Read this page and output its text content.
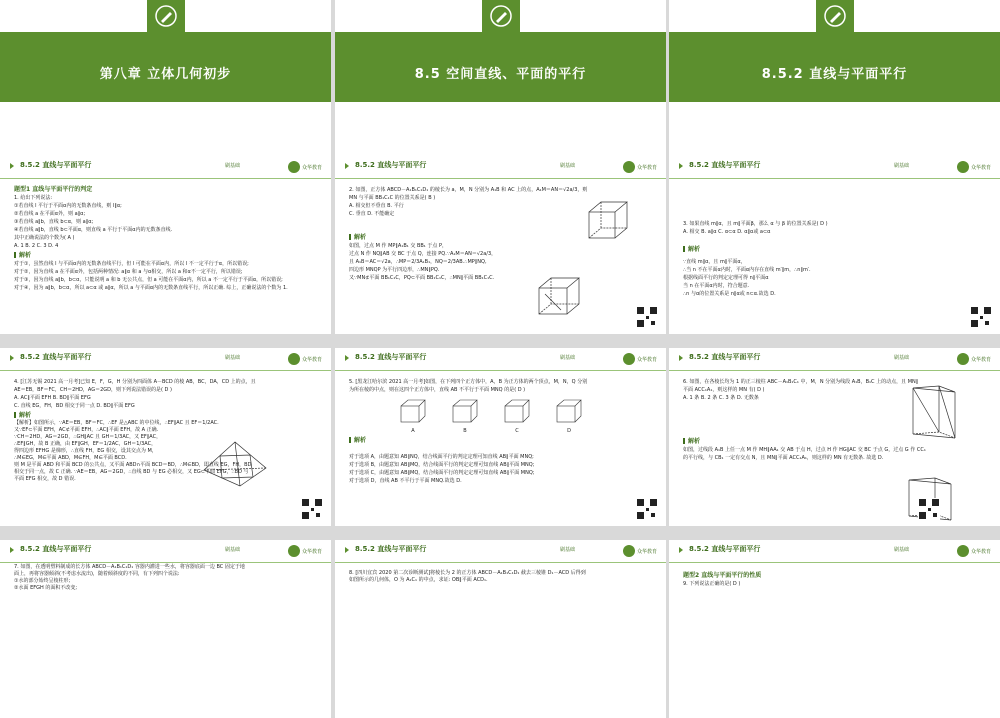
第八章 立体几何初步	8.5 空间直线、平面的平行	8.5.2 直线与平面平行
8.5.2 直线与平面平行	刷基础	众华教育
题型1 直线与平面平行的判定
1. 给出下列说法:
①若直线 l 平行于平面α内的无数条直线，则 l∥α;
②若直线 a 在平面α外，则 a∥α;
③若直线 a∥b，直线 b⊂α，则 a∥α;
④若直线 a∥b，直线 b⊂平面α，则直线 a 平行于平面α内的无数条直线.
其中正确说法的个数为( A )
A. 1 B. 2 C. 3 D. 4
解析
对于①，虽然直线 l 与平面α内的无数条直线平行，但 l 可能在平面α内，所以 l 不一定平行于α，所以错误;
对于②，因为直线 a 在平面α外，包括两种情况: a∥α 和 a 与α相交，所以 a 和α不一定平行，所以错误;
对于③，因为直线 a∥b，b⊂α，只能说明 a 和 b 无公共点，但 a 可能在平面α内，所以 a 不一定平行于平面α，所以错误;
对于④，因为 a∥b，b⊂α，所以 a⊂α 或 a∥α，所以 a 与平面α内的无数条直线平行，所以正确. 综上，正确说法的个数为 1.
8.5.2 直线与平面平行	刷基础	众华教育
2. 如图，正方体 ABCD－A₁B₁C₁D₁ 的棱长为 a，M，N 分别为 A₁B 和 AC 上的点，A₁M＝AN＝√2a/3，则
MN 与平面 BB₁C₁C 的位置关系是( B )
A. 相交但不垂直 B. 平行
C. 垂直 D. 不能确定
解析
如图，过点 M 作 MP∥A₁B₁ 交 BB₁ 于点 P，
过点 N 作 NQ∥AB 交 BC 于点 Q，连接 PQ.∵A₁M＝AN＝√2a/3，
且 A₁B＝AC＝√2a，∴MP＝2/3A₁B₁，NQ＝2/3AB.∴MP∥NQ,
四边形 MNQP 为平行四边形，∴MN∥PQ.
又∵MN⊄平面 BB₁C₁C，PQ⊂平面 BB₁C₁C，∴MN∥平面 BB₁C₁C.
8.5.2 直线与平面平行	刷基础	众华教育
3. 如果直线 m∥α，且 m∥平面β，那么 α 与 β 的位置关系是( D )
A. 相交 B. a∥α C. α⊂α D. α∥α或 a⊂α
解析
∵直线 m∥α，且 m∥平面α，
∴当 n 不在平面α内时，平面α内存在直线 m′∥m，∴n∥m′.
根据线面平行的判定定理可得 n∥平面α
当 n 在平面α内时，符合题意.
∴n 与α的位置关系是 n∥α或 n⊂α.故选 D.
8.5.2 直线与平面平行	刷基础	众华教育
4. [江苏无锡 2021 高一月考]已知 E，F，G，H 分别为四面体 A－BCD 的棱 AB，BC，DA，CD 上的点，且
AE＝EB，BF＝FC，CH＝2HD，AG＝2GD，则下列说法错误的是( D )
A. AC∥平面 EFH B. BD∥平面 EFG
C. 直线 EG，FH，BD 相交于同一点 D. BD∥平面 EFG
解析
【解析】如图所示，∵AE＝EB，BF＝FC，∴EF 是△ABC 的中位线，∴EF∥AC 且 EF＝1/2AC.
又∵EF⊂平面 EFH，AC⊄平面 EFH，∴AC∥平面 EFH，故 A 正确.
∵CH＝2HD，AG＝2GD，∴GH∥AC 且 GH＝1/3AC，又 EF∥AC，
∴EF∥GH，故 B 正确，由 EF∥GH，EF＝1/2AC，GH＝1/3AC，
得四边形 EFHG 是梯形，∴直线 FH，EG 相交，设其交点为 M，
∴M∈EG，M∈平面 ABD，M∈FH，M∈平面 BCD.
则 M 是平面 ABD 和平面 BCD 的公共点，又平面 ABD∩平面 BCD＝BD，∴M∈BD，即直线 EG，FH，BD
相交于同一点，故 C 正确. ∵AE＝EB，AG＝2GD，∴直线 BD 与 EG 必相交，又 EG⊂平面 EFG，∴BD 与
平面 EFG 相交，故 D 错误.
8.5.2 直线与平面平行	刷基础	众华教育
5. [黑龙江哈尔滨 2021 高一月考]如图，在下列四个正方体中，A，B 为正方体的两个顶点，M，N，Q 分别
为所在棱的中点，则在这四个正方体中，直线 AB 不平行于平面 MNQ 的是( D )
A	B	C	D
解析
对于选项 A，由题意知 AB∥NQ，结合线面平行的判定定理可知直线 AB∥平面 MNQ;
对于选项 B，由题意知 AB∥MQ，结合线面平行的判定定理可知直线 AB∥平面 MNQ;
对于选项 C，由题意知 AB∥MQ，结合线面平行的判定定理可知直线 AB∥平面 MNQ;
对于选项 D，直线 AB 不平行于平面 MNQ.故选 D.
8.5.2 直线与平面平行	刷基础	众华教育
6. 如图，在各棱长均为 1 的正三棱柱 ABC－A₁B₁C₁ 中，M，N 分别为线段 A₁B，B₁C 上的动点，且 MN∥
平面 ACC₁A₁，则这样的 MN 有( D )
A. 1 条 B. 2 条 C. 3 条 D. 无数条
解析
如图，过线段 A₁B 上任一点 M 作 MH∥AA₁ 交 AB 于点 H，过点 H 作 HG∥AC 交 BC 于点 G，过点 G 作 CC₁
的平行线，与 CB₁ 一定有交点 N，且 MN∥平面 ACC₁A₁，则这样的 MN 有无数条. 故选 D.
8.5.2 直线与平面平行	刷基础	众华教育
7. 如图，在透明塑料制成的长方体 ABCD－A₁B₁C₁D₁ 容器内灌进一些水，将容器底面一边 BC 固定于地
面上，再将容器倾斜(不考虑水流出)，随着倾斜度的不同，有下列四个说法:
①水的部分始终呈棱柱形;
②水面 EFGH 的面积不改变;
8.5.2 直线与平面平行	刷基础	众华教育
8. [四川宜宾 2020 第二次诊断测试]将棱长为 2 的正方体 ABCD－A₁B₁C₁D₁ 截去三棱锥 D₁－ACD 后得到
如图所示的几何体，O 为 A₁C₁ 的中点，求证: OB∥平面 ACD₁.
8.5.2 直线与平面平行	刷基础	众华教育
题型2 直线与平面平行的性质
9. 下列说法正确的是( D )
